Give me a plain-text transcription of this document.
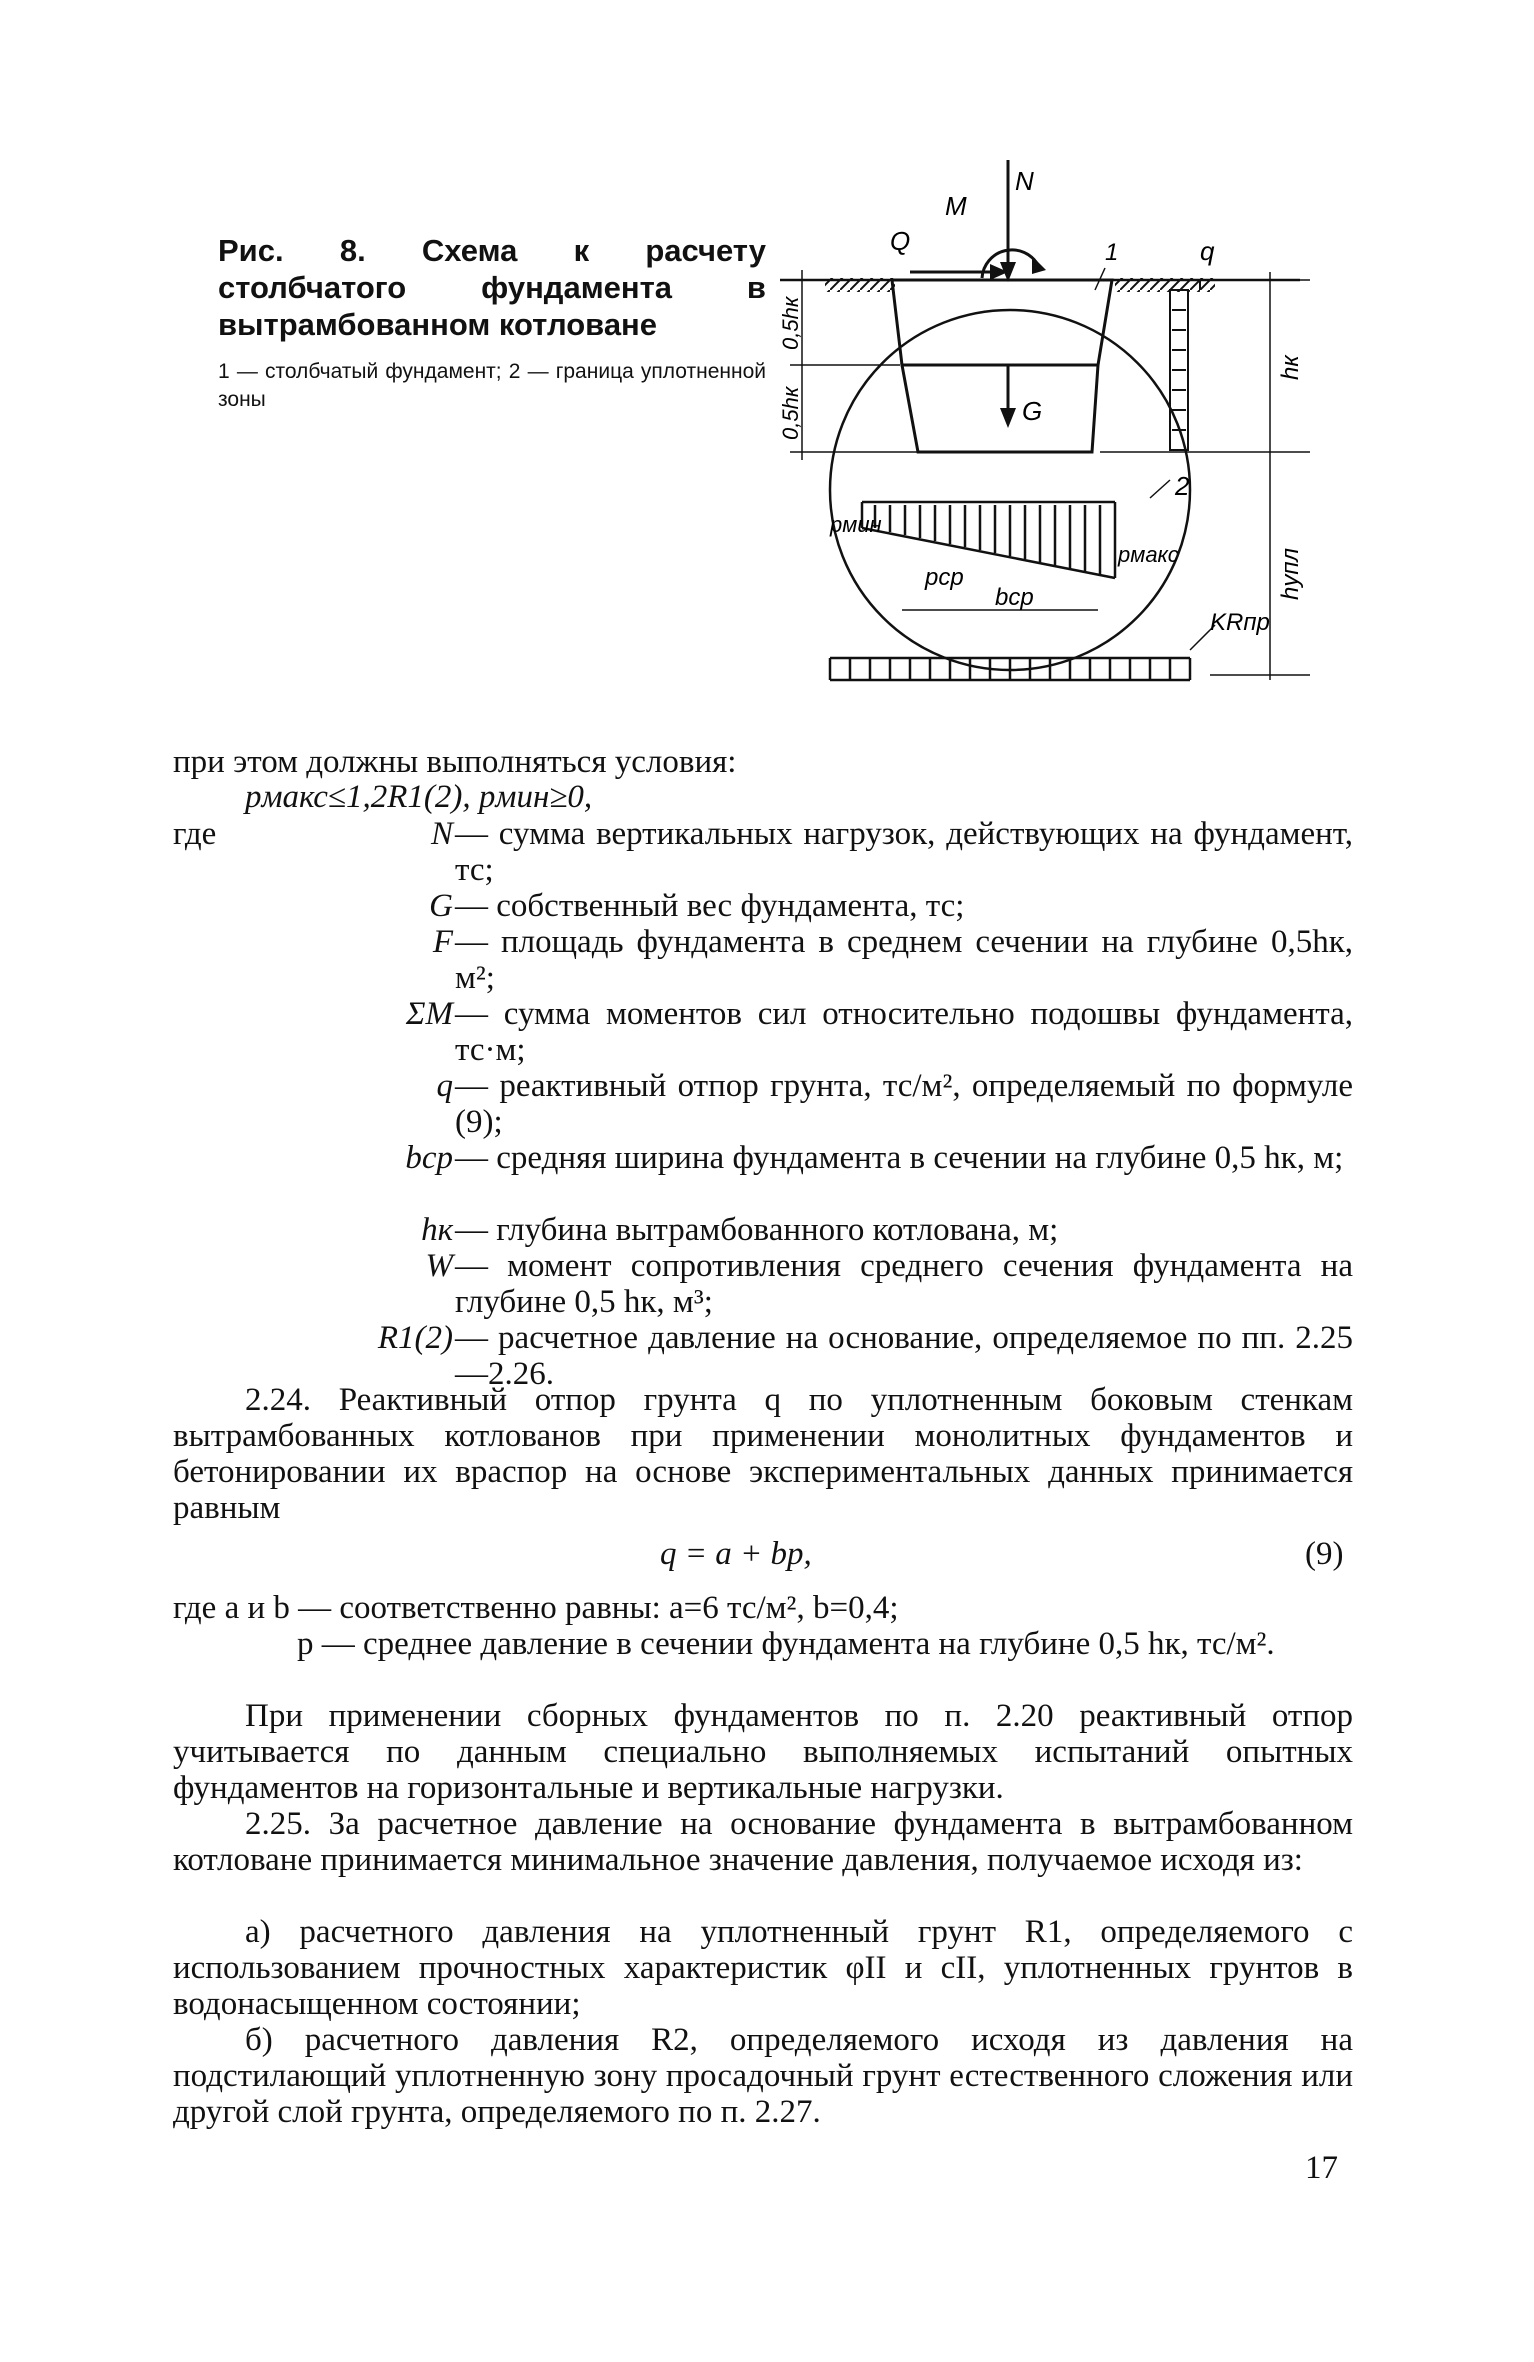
Рис. 8. Схема к расчету столбчатого фундамента в вытрамбованном котловане
1 — столбчатый фундамент; 2 — граница уплотненной зоны
0,5hк
0,5hк
hк
hупл
N
M
Q
G
1	q
2
pмин
pмакс
pср
bср
KRпр
при этом должны выполняться условия:
pмакс≤1,2R1(2), pмин≥0,
где	N — сумма вертикальных нагрузок, действующих на фундамент, тс;
G — собственный вес фундамента, тс;
F — площадь фундамента в среднем сечении на глубине 0,5hк, м²;
ΣM — сумма моментов сил относительно подошвы фундамента, тс·м;
q — реактивный отпор грунта, тс/м², определяемый по формуле (9);
bср — средняя ширина фундамента в сечении на глубине 0,5 hк, м;
hк — глубина вытрамбованного котлована, м;
W — момент сопротивления среднего сечения фундамента на глубине 0,5 hк, м³;
R1(2) — расчетное давление на основание, определяемое по пп. 2.25—2.26.
2.24. Реактивный отпор грунта q по уплотненным боковым стенкам вытрамбованных котлованов при применении монолитных фундаментов и бетонировании их враспор на основе экспериментальных данных принимается равным
q = a + bp,	(9)
где a и b — соответственно равны: a=6 тс/м², b=0,4;
p — среднее давление в сечении фундамента на глубине 0,5 hк, тс/м².
При применении сборных фундаментов по п. 2.20 реактивный отпор учитывается по данным специально выполняемых испытаний опытных фундаментов на горизонтальные и вертикальные нагрузки.
2.25. За расчетное давление на основание фундамента в вытрамбованном котловане принимается минимальное значение давления, получаемое исходя из:
а) расчетного давления на уплотненный грунт R1, определяемого с использованием прочностных характеристик φII и cII, уплотненных грунтов в водонасыщенном состоянии;
б) расчетного давления R2, определяемого исходя из давления на подстилающий уплотненную зону просадочный грунт естественного сложения или другой слой грунта, определяемого по п. 2.27.
17
